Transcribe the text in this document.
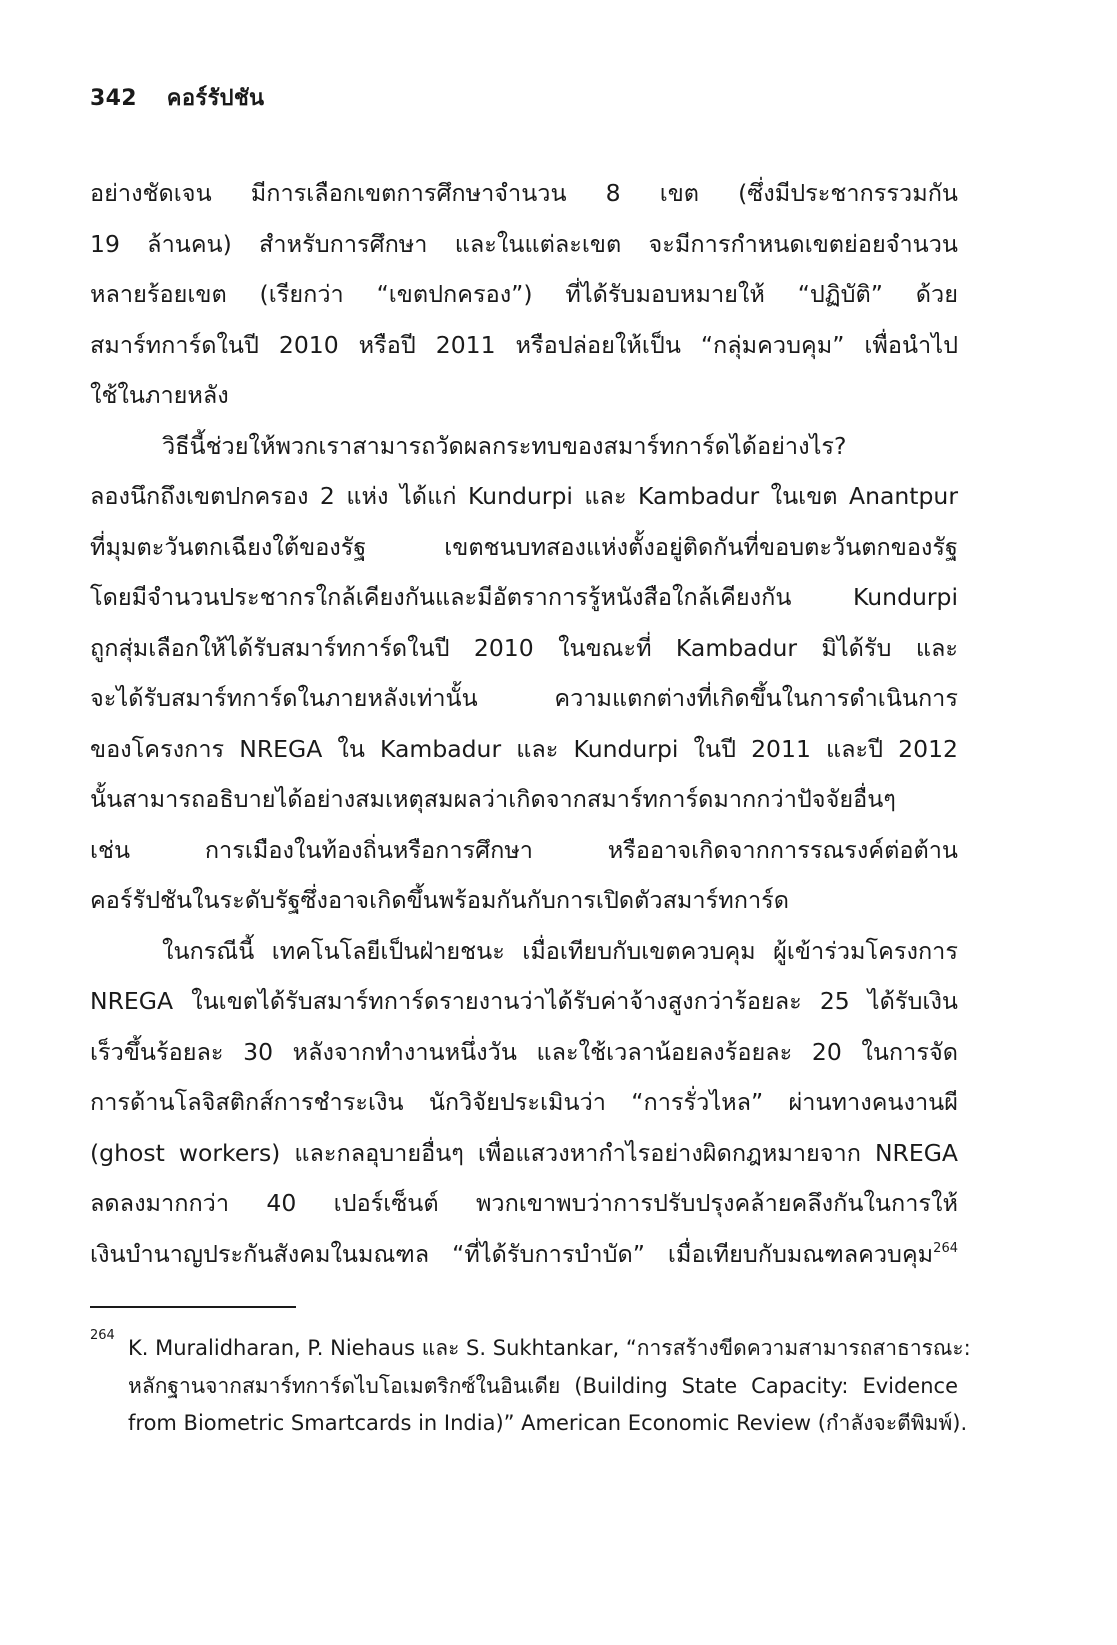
342 คอร์รัปชัน
อย่างชัดเจน มีการเลือกเขตการศึกษาจำนวน 8 เขต (ซึ่งมีประชากรรวมกัน
19 ล้านคน) สำหรับการศึกษา และในแต่ละเขต จะมีการกำหนดเขตย่อยจำนวน
หลายร้อยเขต (เรียกว่า “เขตปกครอง”) ที่ได้รับมอบหมายให้ “ปฏิบัติ” ด้วย
สมาร์ทการ์ดในปี 2010 หรือปี 2011 หรือปล่อยให้เป็น “กลุ่มควบคุม” เพื่อนำไป
ใช้ในภายหลัง
วิธีนี้ช่วยให้พวกเราสามารถวัดผลกระทบของสมาร์ทการ์ดได้อย่างไร?
ลองนึกถึงเขตปกครอง 2 แห่ง ได้แก่ Kundurpi และ Kambadur ในเขต Anantpur
ที่มุมตะวันตกเฉียงใต้ของรัฐ เขตชนบทสองแห่งตั้งอยู่ติดกันที่ขอบตะวันตกของรัฐ
โดยมีจำนวนประชากรใกล้เคียงกันและมีอัตราการรู้หนังสือใกล้เคียงกัน Kundurpi
ถูกสุ่มเลือกให้ได้รับสมาร์ทการ์ดในปี 2010 ในขณะที่ Kambadur มิได้รับ และ
จะได้รับสมาร์ทการ์ดในภายหลังเท่านั้น ความแตกต่างที่เกิดขึ้นในการดำเนินการ
ของโครงการ NREGA ใน Kambadur และ Kundurpi ในปี 2011 และปี 2012
นั้นสามารถอธิบายได้อย่างสมเหตุสมผลว่าเกิดจากสมาร์ทการ์ดมากกว่าปัจจัยอื่นๆ
เช่น การเมืองในท้องถิ่นหรือการศึกษา หรืออาจเกิดจากการรณรงค์ต่อต้าน
คอร์รัปชันในระดับรัฐซึ่งอาจเกิดขึ้นพร้อมกันกับการเปิดตัวสมาร์ทการ์ด
ในกรณีนี้ เทคโนโลยีเป็นฝ่ายชนะ เมื่อเทียบกับเขตควบคุม ผู้เข้าร่วมโครงการ
NREGA ในเขตได้รับสมาร์ทการ์ดรายงานว่าได้รับค่าจ้างสูงกว่าร้อยละ 25 ได้รับเงิน
เร็วขึ้นร้อยละ 30 หลังจากทำงานหนึ่งวัน และใช้เวลาน้อยลงร้อยละ 20 ในการจัด
การด้านโลจิสติกส์การชำระเงิน นักวิจัยประเมินว่า “การรั่วไหล” ผ่านทางคนงานผี
(ghost workers) และกลอุบายอื่นๆ เพื่อแสวงหากำไรอย่างผิดกฎหมายจาก NREGA
ลดลงมากกว่า 40 เปอร์เซ็นต์ พวกเขาพบว่าการปรับปรุงคล้ายคลึงกันในการให้
เงินบำนาญประกันสังคมในมณฑล “ที่ได้รับการบำบัด” เมื่อเทียบกับมณฑลควบคุม$^{264}$
264
K. Muralidharan, P. Niehaus และ S. Sukhtankar, “การสร้างขีดความสามารถสาธารณะ:
หลักฐานจากสมาร์ทการ์ดไบโอเมตริกซ์ในอินเดีย (Building State Capacity: Evidence
from Biometric Smartcards in India)” American Economic Review (กำลังจะตีพิมพ์).
